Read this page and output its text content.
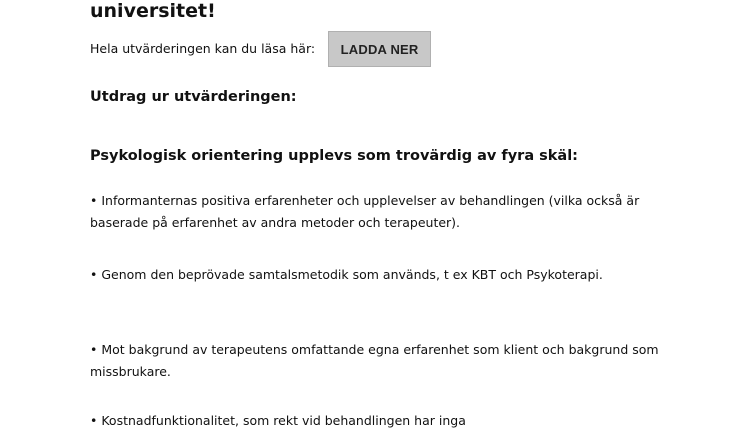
universitet!
Hela utvärderingen kan du läsa här:	LADDA NER
Utdrag ur utvärderingen:
Psykologisk orientering upplevs som trovärdig av fyra skäl:
• Informanternas positiva erfarenheter och upplevelser av behandlingen (vilka också är baserade på erfarenhet av andra metoder och terapeuter).
• Genom den beprövade samtalsmetodik som används, t ex KBT och Psykoterapi.
• Mot bakgrund av terapeutens omfattande egna erfarenhet som klient och bakgrund som missbrukare.
• Kostnadfunktionalitet, som rekt vid behandlingen har inga
